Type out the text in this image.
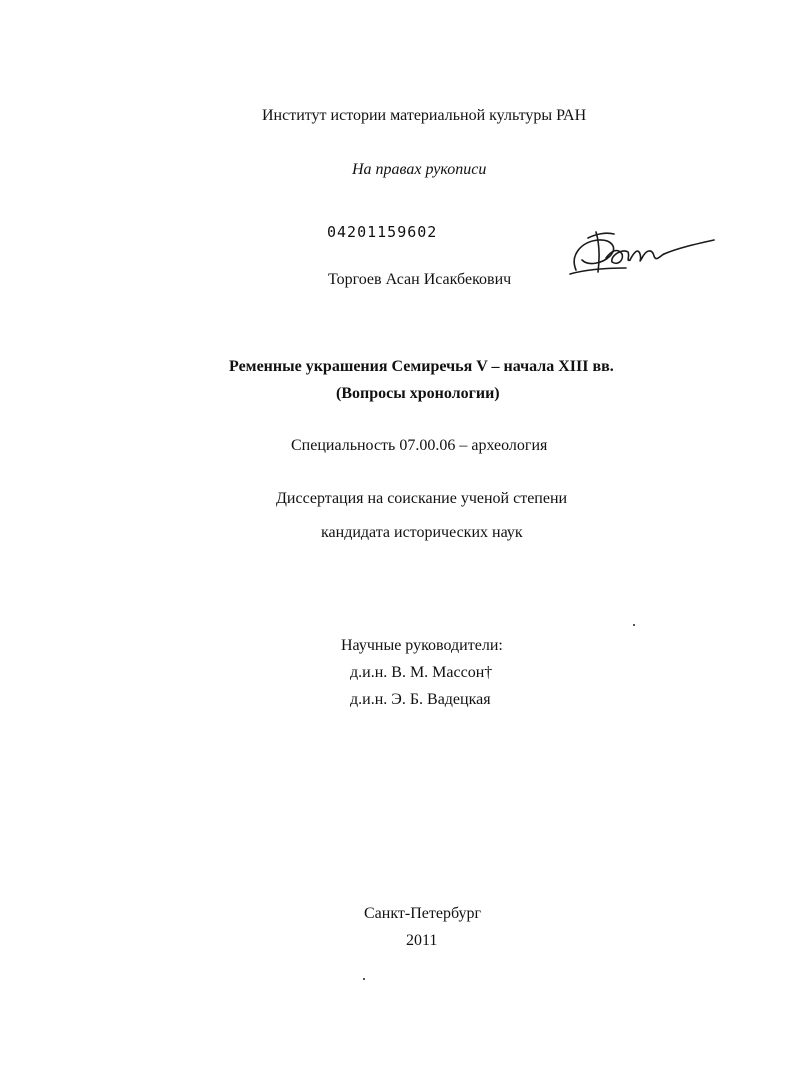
Институт истории материальной культуры РАН
На правах рукописи
04201159602
Торгоев Асан Исакбекович
Ременные украшения Семиречья V – начала XIII вв.
(Вопросы хронологии)
Специальность 07.00.06 – археология
Диссертация на соискание ученой степени
кандидата исторических наук
Научные руководители:
д.и.н. В. М. Массон†
д.и.н. Э. Б. Вадецкая
Санкт-Петербург
2011
